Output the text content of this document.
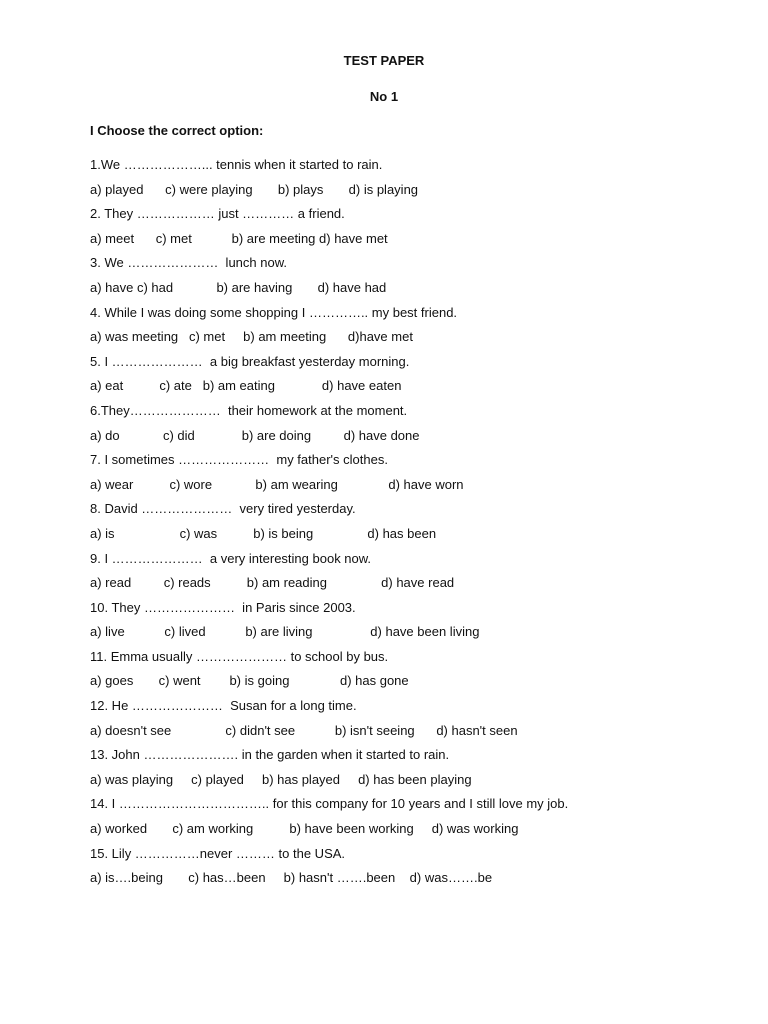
TEST PAPER
No 1
I Choose the correct option:
1.We ………………... tennis when it started to rain.
a) played      c) were playing       b) plays       d) is playing
2. They ……………… just ………… a friend.
a) meet      c) met           b) are meeting d) have met
3. We …………………  lunch now.
a) have c) had            b) are having       d) have had
4. While I was doing some shopping I ………….. my best friend.
a) was meeting   c) met     b) am meeting      d)have met
5. I …………………  a big breakfast yesterday morning.
a) eat          c) ate   b) am eating             d) have eaten
6.They…………………  their homework at the moment.
a) do            c) did             b) are doing         d) have done
7. I sometimes …………………  my father's clothes.
a) wear          c) wore            b) am wearing              d) have worn
8. David …………………  very tired yesterday.
a) is                  c) was          b) is being               d) has been
9. I …………………  a very interesting book now.
a) read         c) reads          b) am reading               d) have read
10. They …………………  in Paris since 2003.
a) live           c) lived           b) are living                d) have been living
11. Emma usually ………………… to school by bus.
a) goes       c) went        b) is going              d) has gone
12. He …………………  Susan for a long time.
a) doesn't see               c) didn't see           b) isn't seeing      d) hasn't seen
13. John …………………. in the garden when it started to rain.
a) was playing     c) played     b) has played     d) has been playing
14. I …………………………….. for this company for 10 years and I still love my job.
a) worked       c) am working          b) have been working     d) was working
15. Lily ……………never ……… to the USA.
a) is….being       c) has…been     b) hasn't …….been    d) was…….be
